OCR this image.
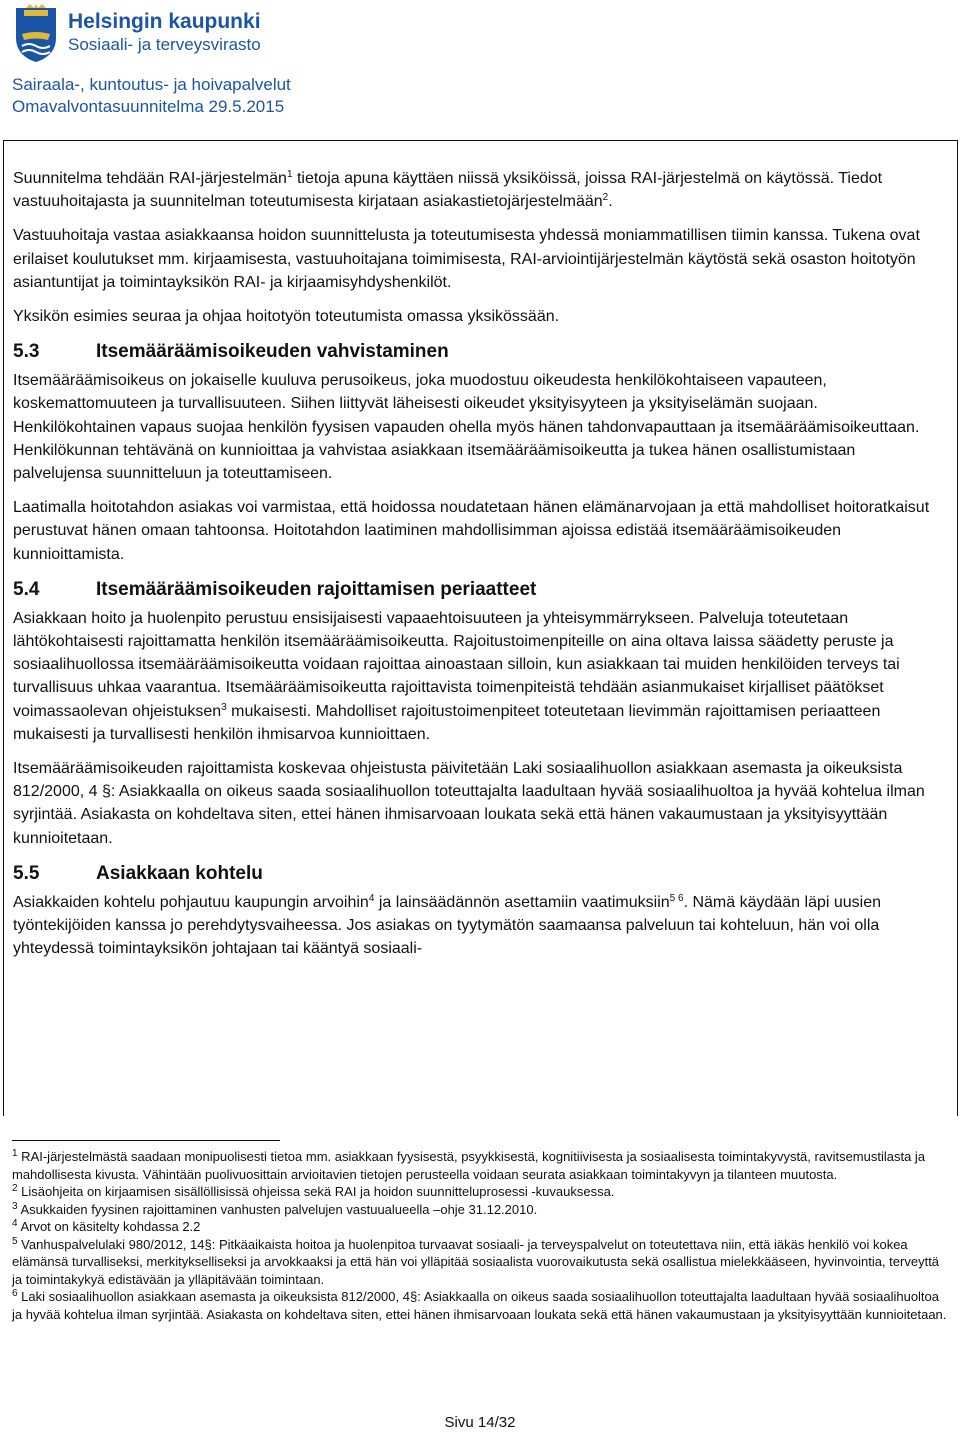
Helsingin kaupunki
Sosiaali- ja terveysvirasto
Sairaala-, kuntoutus- ja hoivapalvelut
Omavalvontasuunnitelma 29.5.2015

Suunnitelma tehdään RAI-järjestelmän$^1$ tietoja apuna käyttäen niissä yksiköissä, joissa RAI-järjestelmä on käytössä. Tiedot vastuuhoitajasta ja suunnitelman toteutumisesta kirjataan asiakastietojärjestelmään$^2$.

Vastuuhoitaja vastaa asiakkaansa hoidon suunnittelusta ja toteutumisesta yhdessä moniammatillisen tiimin kanssa. Tukena ovat erilaiset koulutukset mm. kirjaamisesta, vastuuhoitajana toimimisesta, RAI-arviointijärjestelmän käytöstä sekä osaston hoitotyön asiantuntijat ja toimintayksikön RAI- ja kirjaamisyhdyshenkilöt.

Yksikön esimies seuraa ja ohjaa hoitotyön toteutumista omassa yksikössään.

5.3	Itsemääräämisoikeuden vahvistaminen

Itsemääräämisoikeus on jokaiselle kuuluva perusoikeus, joka muodostuu oikeudesta henkilökohtaiseen vapauteen, koskemattomuuteen ja turvallisuuteen. Siihen liittyvät läheisesti oikeudet yksityisyyteen ja yksityiselämän suojaan. Henkilökohtainen vapaus suojaa henkilön fyysisen vapauden ohella myös hänen tahdonvapauttaan ja itsemääräämisoikeuttaan. Henkilökunnan tehtävänä on kunnioittaa ja vahvistaa asiakkaan itsemääräämisoikeutta ja tukea hänen osallistumistaan palvelujensa suunnitteluun ja toteuttamiseen.

Laatimalla hoitotahdon asiakas voi varmistaa, että hoidossa noudatetaan hänen elämänarvojaan ja että mahdolliset hoitoratkaisut perustuvat hänen omaan tahtoonsa. Hoitotahdon laatiminen mahdollisimman ajoissa edistää itsemääräämisoikeuden kunnioittamista.

5.4	Itsemääräämisoikeuden rajoittamisen periaatteet

Asiakkaan hoito ja huolenpito perustuu ensisijaisesti vapaaehtoisuuteen ja yhteisymmärrykseen. Palveluja toteutetaan lähtökohtaisesti rajoittamatta henkilön itsemääräämisoikeutta. Rajoitustoimenpiteille on aina oltava laissa säädetty peruste ja sosiaalihuollossa itsemääräämisoikeutta voidaan rajoittaa ainoastaan silloin, kun asiakkaan tai muiden henkilöiden terveys tai turvallisuus uhkaa vaarantua. Itsemääräämisoikeutta rajoittavista toimenpiteistä tehdään asianmukaiset kirjalliset päätökset voimassaolevan ohjeistuksen$^3$ mukaisesti. Mahdolliset rajoitustoimenpiteet toteutetaan lievimmän rajoittamisen periaatteen mukaisesti ja turvallisesti henkilön ihmisarvoa kunnioittaen.

Itsemääräämisoikeuden rajoittamista koskevaa ohjeistusta päivitetään Laki sosiaalihuollon asiakkaan asemasta ja oikeuksista 812/2000, 4 §: Asiakkaalla on oikeus saada sosiaalihuollon toteuttajalta laadultaan hyvää sosiaalihuoltoa ja hyvää kohtelua ilman syrjintää. Asiakasta on kohdeltava siten, ettei hänen ihmisarvoaan loukata sekä että hänen vakaumustaan ja yksityisyyttään kunnioitetaan.

5.5	Asiakkaan kohtelu

Asiakkaiden kohtelu pohjautuu kaupungin arvoihin$^4$ ja lainsäädännön asettamiin vaatimuksiin$^{5 6}$. Nämä käydään läpi uusien työntekijöiden kanssa jo perehdytysvaiheessa. Jos asiakas on tyytymätön saamaansa palveluun tai kohteluun, hän voi olla yhteydessä toimintayksikön johtajaan tai kääntyä sosiaali-

$^1$ RAI-järjestelmästä saadaan monipuolisesti tietoa mm. asiakkaan fyysisestä, psyykkisestä, kognitiivisesta ja sosiaalisesta toimintakyvystä, ravitsemustilasta ja mahdollisesta kivusta. Vähintään puolivuosittain arvioitavien tietojen perusteella voidaan seurata asiakkaan toimintakyvyn ja tilanteen muutosta.

$^2$ Lisäohjeita on kirjaamisen sisällöllisissä ohjeissa sekä RAI ja hoidon suunnitteluprosessi -kuvauksessa.

$^3$ Asukkaiden fyysinen rajoittaminen vanhusten palvelujen vastuualueella –ohje 31.12.2010.

$^4$ Arvot on käsitelty kohdassa 2.2

$^5$ Vanhuspalvelulaki 980/2012, 14§: Pitkäaikaista hoitoa ja huolenpitoa turvaavat sosiaali- ja terveyspalvelut on toteutettava niin, että iäkäs henkilö voi kokea elämänsä turvalliseksi, merkitykselliseksi ja arvokkaaksi ja että hän voi ylläpitää sosiaalista vuorovaikutusta sekä osallistua mielekkääseen, hyvinvointia, terveyttä ja toimintakykyä edistävään ja ylläpitävään toimintaan.

$^6$ Laki sosiaalihuollon asiakkaan asemasta ja oikeuksista 812/2000, 4§: Asiakkaalla on oikeus saada sosiaalihuollon toteuttajalta laadultaan hyvää sosiaalihuoltoa ja hyvää kohtelua ilman syrjintää. Asiakasta on kohdeltava siten, ettei hänen ihmisarvoaan loukata sekä että hänen vakaumustaan ja yksityisyyttään kunnioitetaan.

Sivu 14/32
